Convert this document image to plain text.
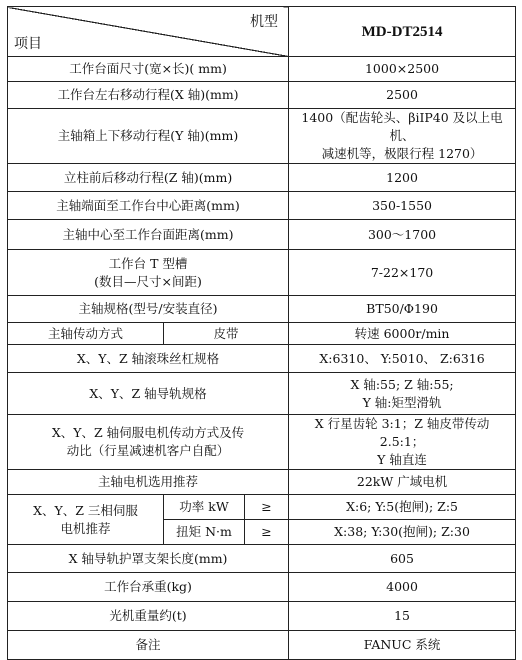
机型
项目			MD-DT2514
工作台面尺寸(宽×长)( mm)			1000×2500
工作台左右移动行程(X 轴)(mm)			2500
主轴箱上下移动行程(Y 轴)(mm)			1400（配齿轮头、βiIP40 及以上电机、
减速机等，极限行程 1270）

立柱前后移动行程(Z 轴)(mm)			1200
主轴端面至工作台中心距离(mm)			350-1550
主轴中心至工作台面距离(mm)			300～1700

工作台 T 型槽
(数目—尺寸×间距)			7-22×170
主轴规格(型号/安装直径)			BT50/Φ190
主轴传动方式	皮带		转速 6000r/min
X、Y、Z 轴滚珠丝杠规格			X:6310、 Y:5010、 Z:6316
X、Y、Z 轴导轨规格			X 轴:55; Z 轴:55;
Y 轴:矩型滑轨

X、Y、Z 轴伺服电机传动方式及传
动比（行星减速机客户自配）			X 行星齿轮 3:1；Z 轴皮带传动 2.5:1；
Y 轴直连

主轴电机选用推荐			22kW 广域电机

X、Y、Z 三相伺服
电机推荐	功率 kW	≥	X:6; Y:5(抱闸); Z:5
	扭矩 N·m	≥	X:38; Y:30(抱闸); Z:30
X 轴导轨护罩支架长度(mm)			605
工作台承重(kg)			4000
光机重量约(t)			15
备注			FANUC 系统
